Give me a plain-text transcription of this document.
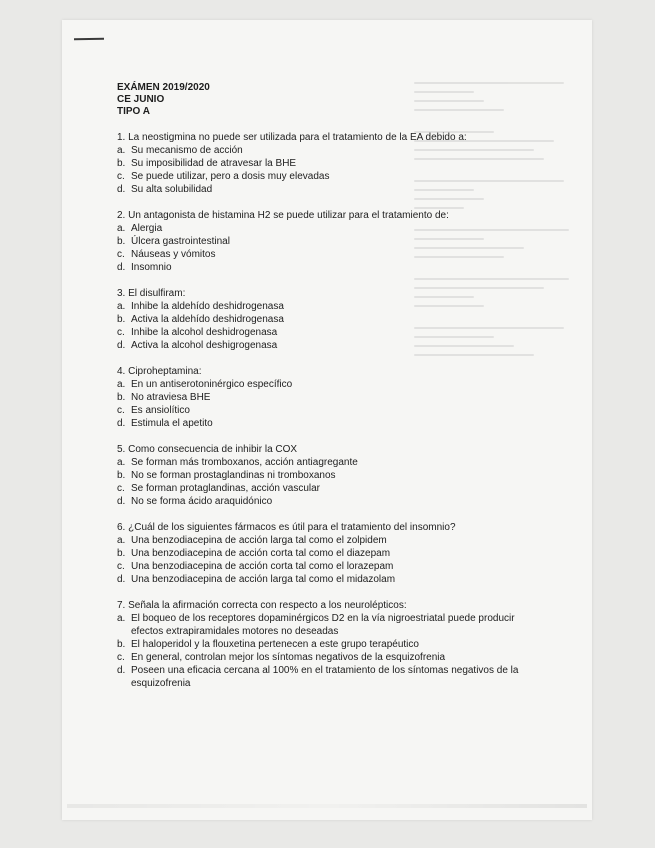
EXÁMEN 2019/2020
CE JUNIO
TIPO A
1. La neostigmina no puede ser utilizada para el tratamiento de la EA debido a:
a. Su mecanismo de acción
b. Su imposibilidad de atravesar la BHE
c. Se puede utilizar, pero a dosis muy elevadas
d. Su alta solubilidad
2. Un antagonista de histamina H2 se puede utilizar para el tratamiento de:
a. Alergia
b. Úlcera gastrointestinal
c. Náuseas y vómitos
d. Insomnio
3. El disulfiram:
a. Inhibe la aldehído deshidrogenasa
b. Activa la aldehído deshidrogenasa
c. Inhibe la alcohol deshidrogenasa
d. Activa la alcohol deshigrogenasa
4. Ciproheptamina:
a. En un antiserotoninérgico específico
b. No atraviesa BHE
c. Es ansiolítico
d. Estimula el apetito
5. Como consecuencia de inhibir la COX
a. Se forman más tromboxanos, acción antiagregante
b. No se forman prostaglandinas ni tromboxanos
c. Se forman protaglandinas, acción vascular
d. No se forma ácido araquidónico
6. ¿Cuál de los siguientes fármacos es útil para el tratamiento del insomnio?
a. Una benzodiacepina de acción larga tal como el zolpidem
b. Una benzodiacepina de acción corta tal como el diazepam
c. Una benzodiacepina de acción corta tal como el lorazepam
d. Una benzodiacepina de acción larga tal como el midazolam
7. Señala la afirmación correcta con respecto a los neurolépticos:
a. El boqueo de los receptores dopaminérgicos D2 en la vía nigroestriatal puede producir efectos extrapiramidales motores no deseadas
b. El haloperidol y la flouxetina pertenecen a este grupo terapéutico
c. En general, controlan mejor los síntomas negativos de la esquizofrenia
d. Poseen una eficacia cercana al 100% en el tratamiento de los síntomas negativos de la esquizofrenia
